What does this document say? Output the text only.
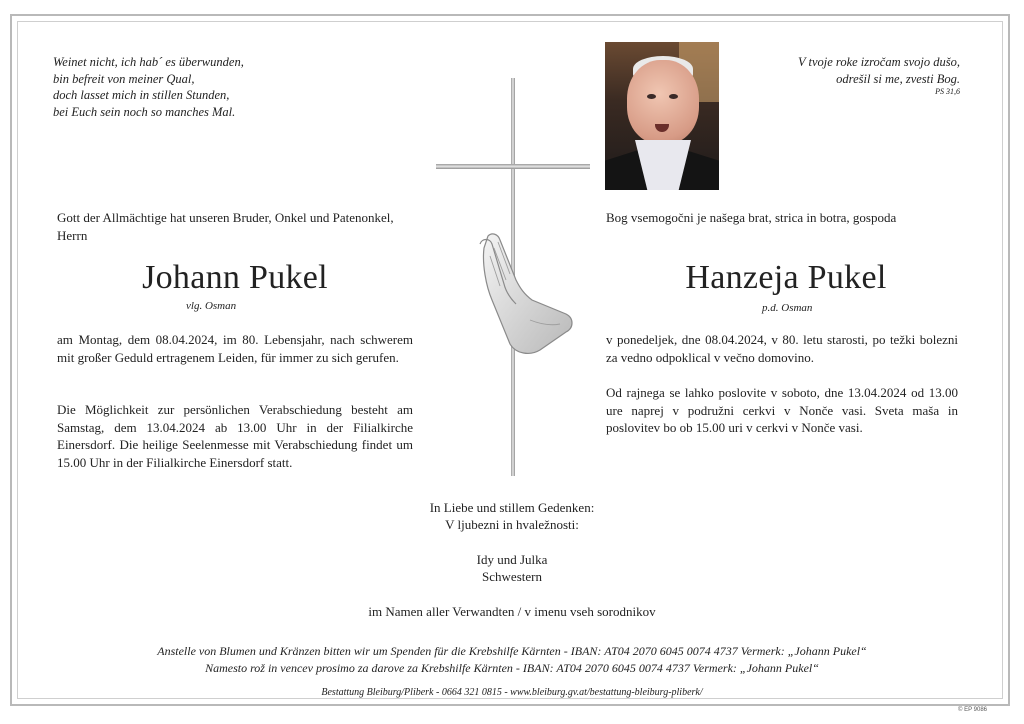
Weinet nicht, ich hab´ es überwunden,
bin befreit von meiner Qual,
doch lasset mich in stillen Stunden,
bei Euch sein noch so manches Mal.
V tvoje roke izročam svojo dušo,
odrešil si me, zvesti Bog.
PS 31,6
Gott der Allmächtige hat unseren Bruder, Onkel und Patenonkel, Herrn
Johann Pukel
vlg. Osman
am Montag, dem 08.04.2024, im 80. Lebensjahr, nach schwerem mit großer Geduld ertragenem Leiden, für immer zu sich gerufen.
Die Möglichkeit zur persönlichen Verabschiedung besteht am Samstag, dem 13.04.2024 ab 13.00 Uhr in der Filialkirche Einersdorf. Die heilige Seelenmesse mit Verabschiedung findet um 15.00 Uhr in der Filialkirche Einersdorf statt.
Bog vsemogočni je našega brat, strica in botra, gospoda
Hanzeja Pukel
p.d. Osman
v ponedeljek, dne 08.04.2024, v 80. letu starosti, po težki bolezni za vedno odpoklical v večno domovino.
Od rajnega se lahko poslovite v soboto, dne 13.04.2024 od 13.00 ure naprej v podružni cerkvi v Nonče vasi. Sveta maša in poslovitev bo ob 15.00 uri v cerkvi v Nonče vasi.
In Liebe und stillem Gedenken:
V ljubezni in hvaležnosti:
Idy und Julka
Schwestern
im Namen aller Verwandten / v imenu vseh sorodnikov
Anstelle von Blumen und Kränzen bitten wir um Spenden für die Krebshilfe Kärnten - IBAN: AT04 2070 6045 0074 4737 Vermerk: „Johann Pukel“
Namesto rož in vencev prosimo za darove za Krebshilfe Kärnten - IBAN: AT04 2070 6045 0074 4737 Vermerk: „Johann Pukel“
Bestattung Bleiburg/Pliberk - 0664 321 0815 - www.bleiburg.gv.at/bestattung-bleiburg-pliberk/
© EP 9086
